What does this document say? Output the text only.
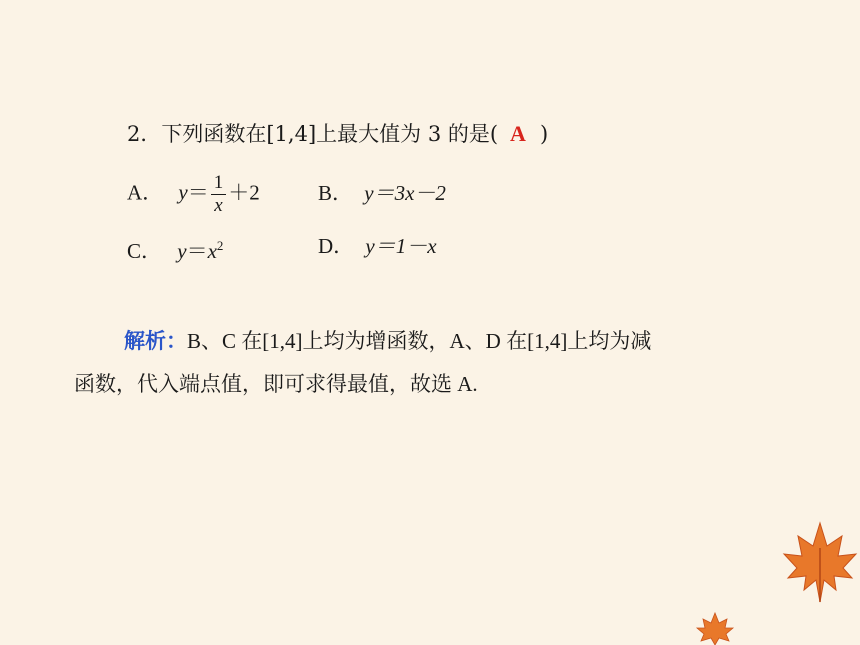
2．下列函数在[1,4]上最大值为 3 的是( A )
A． $y= \frac{1}{x} +2$	B． y＝3x－2
C． $y=x^2$	D． y＝1－x
解析：B、C 在[1,4]上均为增函数，A、D 在[1,4]上均为减
函数，代入端点值，即可求得最值，故选 A.
